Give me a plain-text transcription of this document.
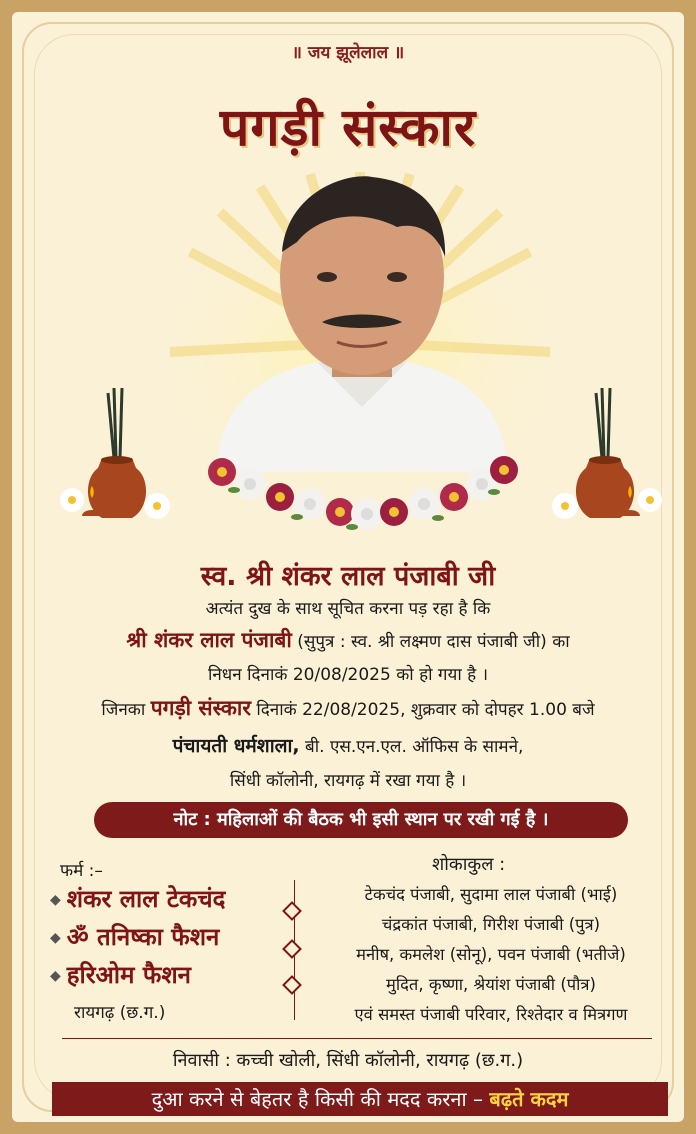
॥ जय झूलेलाल ॥
पगड़ी संस्कार
स्व. श्री शंकर लाल पंजाबी जी
अत्यंत दुख के साथ सूचित करना पड़ रहा है कि
श्री शंकर लाल पंजाबी (सुपुत्र : स्व. श्री लक्ष्मण दास पंजाबी जी) का
निधन दिनाकं 20/08/2025 को हो गया है ।
जिनका पगड़ी संस्कार दिनाकं 22/08/2025, शुक्रवार को दोपहर 1.00 बजे
पंचायती धर्मशाला, बी. एस.एन.एल. ऑफिस के सामने,
सिंधी कॉलोनी, रायगढ़ में रखा गया है ।
नोट : महिलाओं की बैठक भी इसी स्थान पर रखी गई है ।
फर्म :–
◆ शंकर लाल टेकचंद
◆ ॐ तनिष्का फैशन
◆ हरिओम फैशन
रायगढ़ (छ.ग.)
शोकाकुल :
टेकचंद पंजाबी, सुदामा लाल पंजाबी (भाई)
चंद्रकांत पंजाबी, गिरीश पंजाबी (पुत्र)
मनीष, कमलेश (सोनू), पवन पंजाबी (भतीजे)
मुदित, कृष्णा, श्रेयांश पंजाबी (पौत्र)
एवं समस्त पंजाबी परिवार, रिश्तेदार व मित्रगण
निवासी : कच्ची खोली, सिंधी कॉलोनी, रायगढ़ (छ.ग.)
दुआ करने से बेहतर है किसी की मदद करना – बढ़ते कदम
